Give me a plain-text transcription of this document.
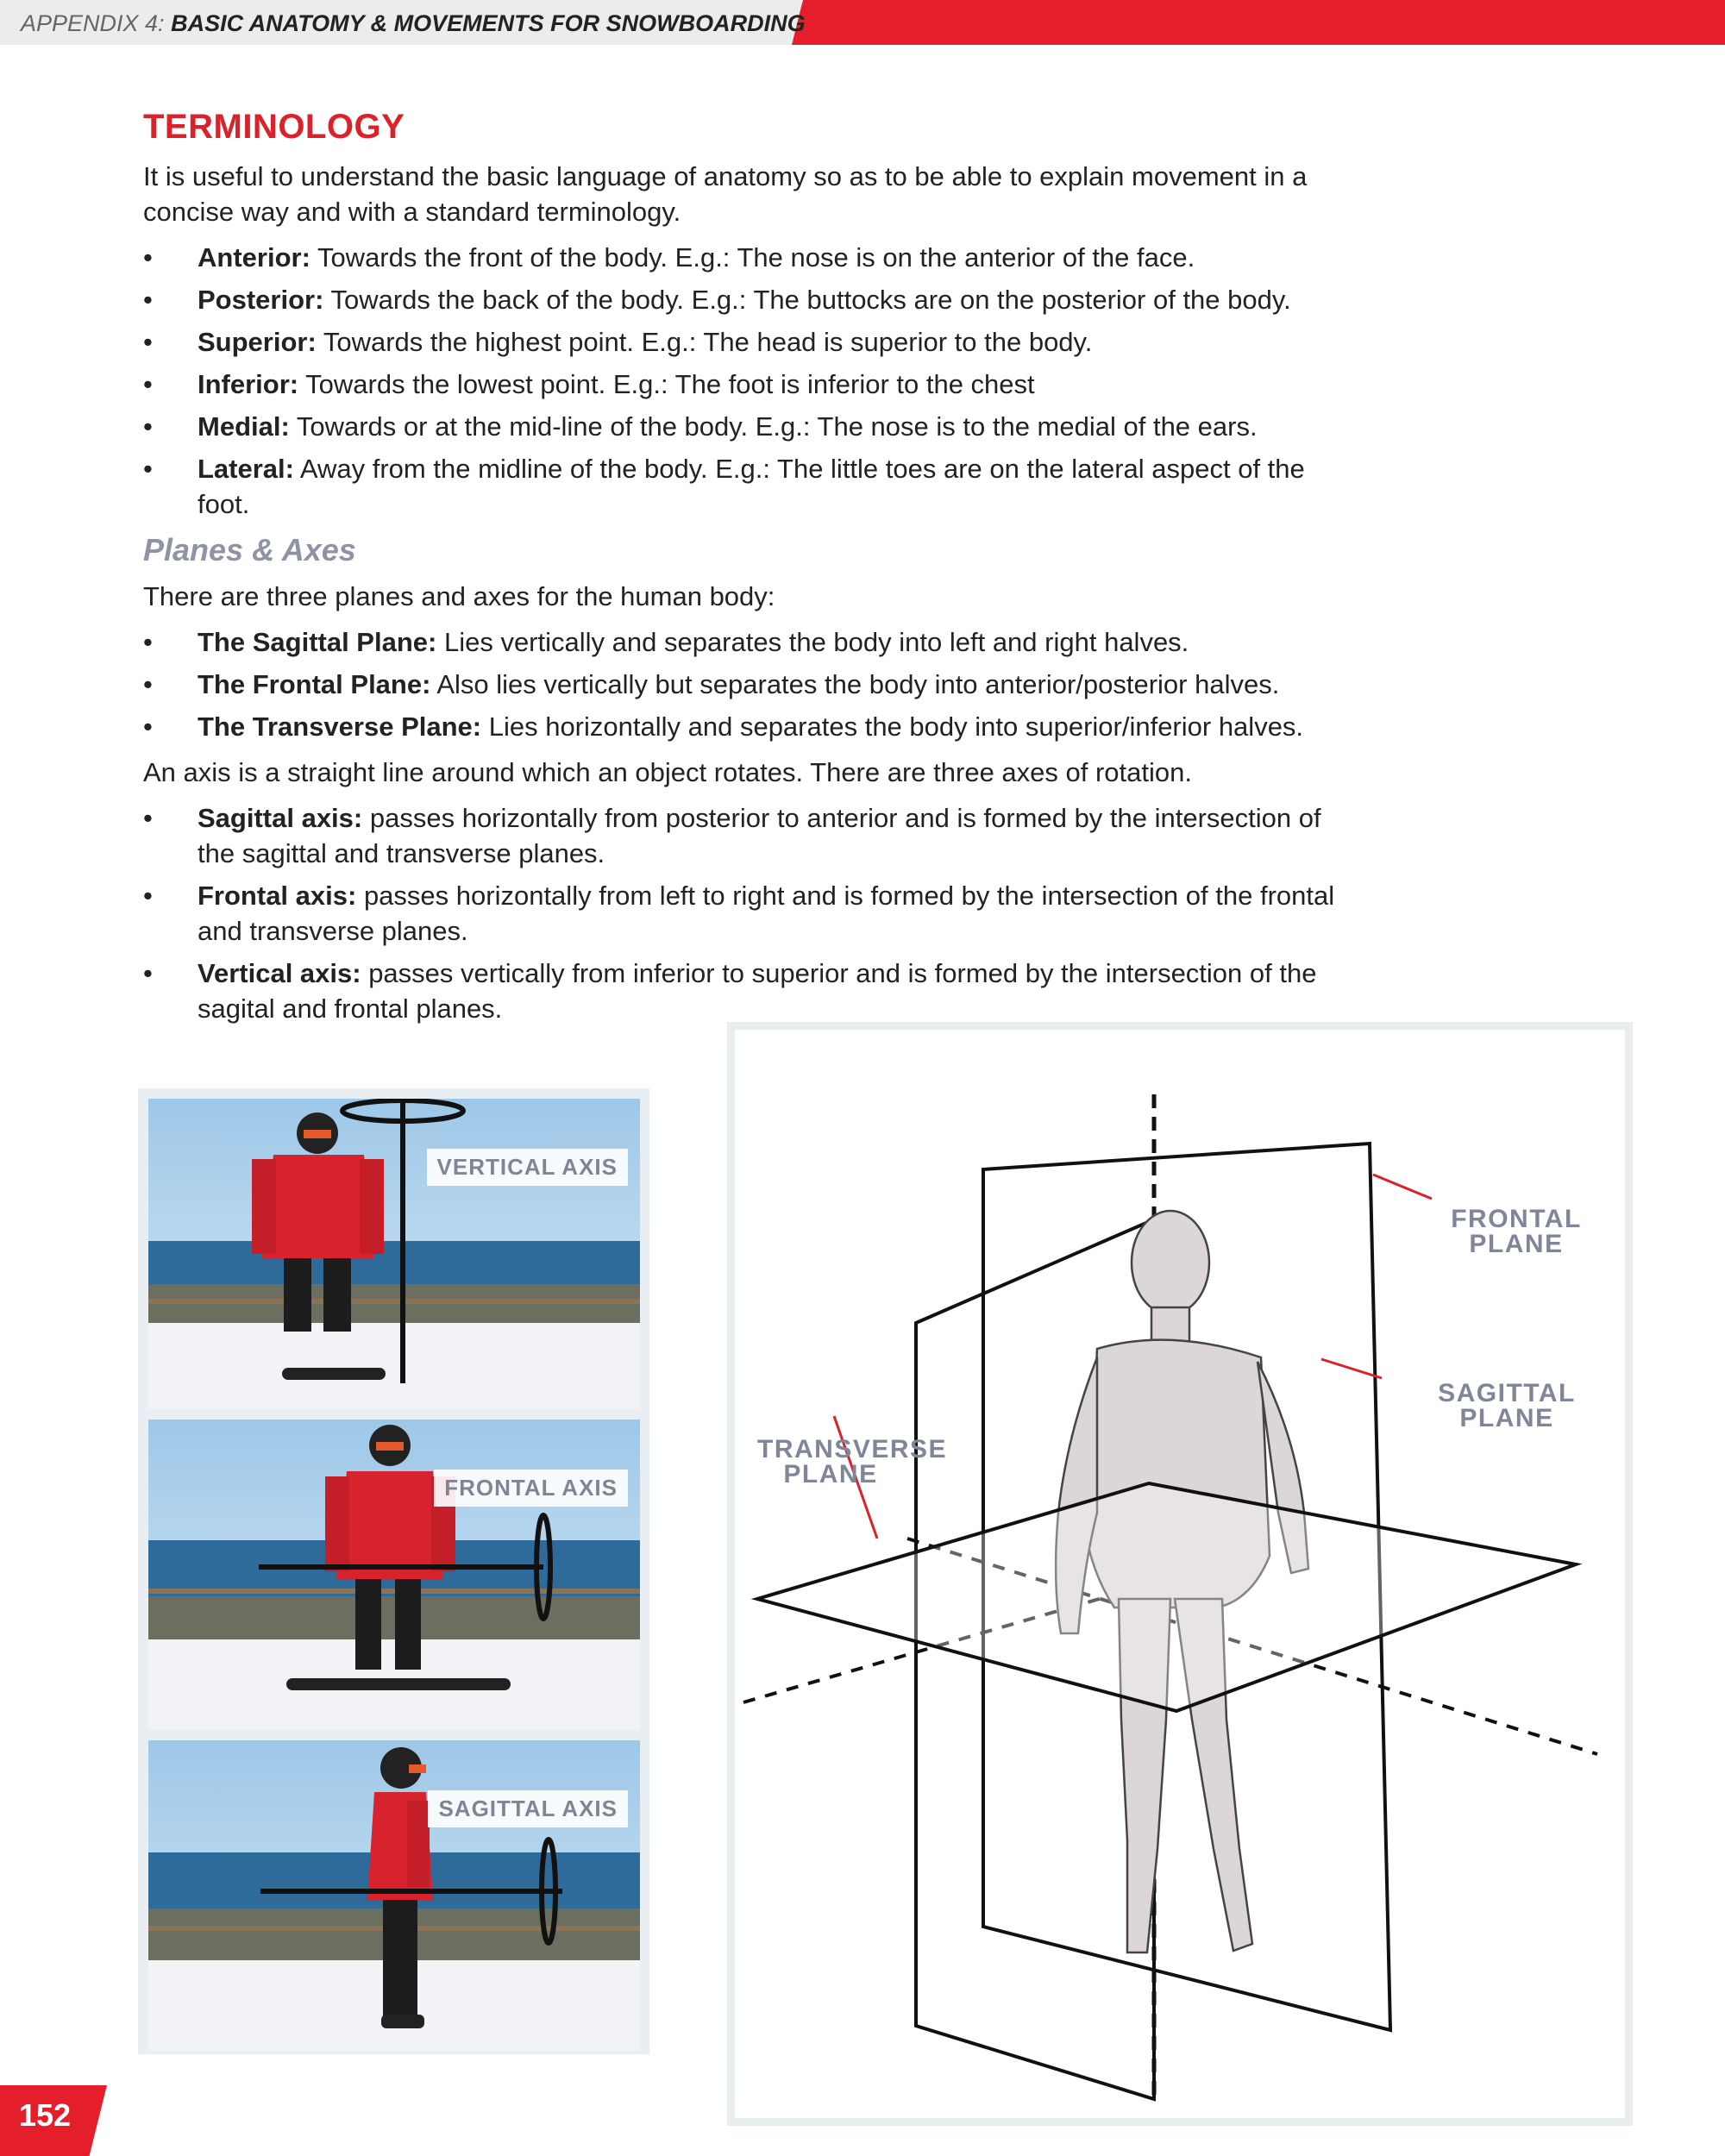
APPENDIX 4: BASIC ANATOMY & MOVEMENTS FOR SNOWBOARDING
TERMINOLOGY

It is useful to understand the basic language of anatomy so as to be able to explain movement in a concise way and with a standard terminology.

• Anterior: Towards the front of the body. E.g.: The nose is on the anterior of the face.
• Posterior: Towards the back of the body. E.g.: The buttocks are on the posterior of the body.
• Superior: Towards the highest point. E.g.: The head is superior to the body.
• Inferior: Towards the lowest point. E.g.: The foot is inferior to the chest
• Medial: Towards or at the mid-line of the body. E.g.: The nose is to the medial of the ears.
• Lateral: Away from the midline of the body. E.g.: The little toes are on the lateral aspect of the foot.
Planes & Axes

There are three planes and axes for the human body:

• The Sagittal Plane: Lies vertically and separates the body into left and right halves.
• The Frontal Plane: Also lies vertically but separates the body into anterior/posterior halves.
• The Transverse Plane: Lies horizontally and separates the body into superior/inferior halves.

An axis is a straight line around which an object rotates. There are three axes of rotation.

• Sagittal axis: passes horizontally from posterior to anterior and is formed by the intersection of the sagittal and transverse planes.
• Frontal axis: passes horizontally from left to right and is formed by the intersection of the frontal and transverse planes.
• Vertical axis: passes vertically from inferior to superior and is formed by the intersection of the sagital and frontal planes.
VERTICAL AXIS
FRONTAL AXIS
SAGITTAL AXIS
FRONTAL PLANE
SAGITTAL PLANE
TRANSVERSE
PLANE
152
